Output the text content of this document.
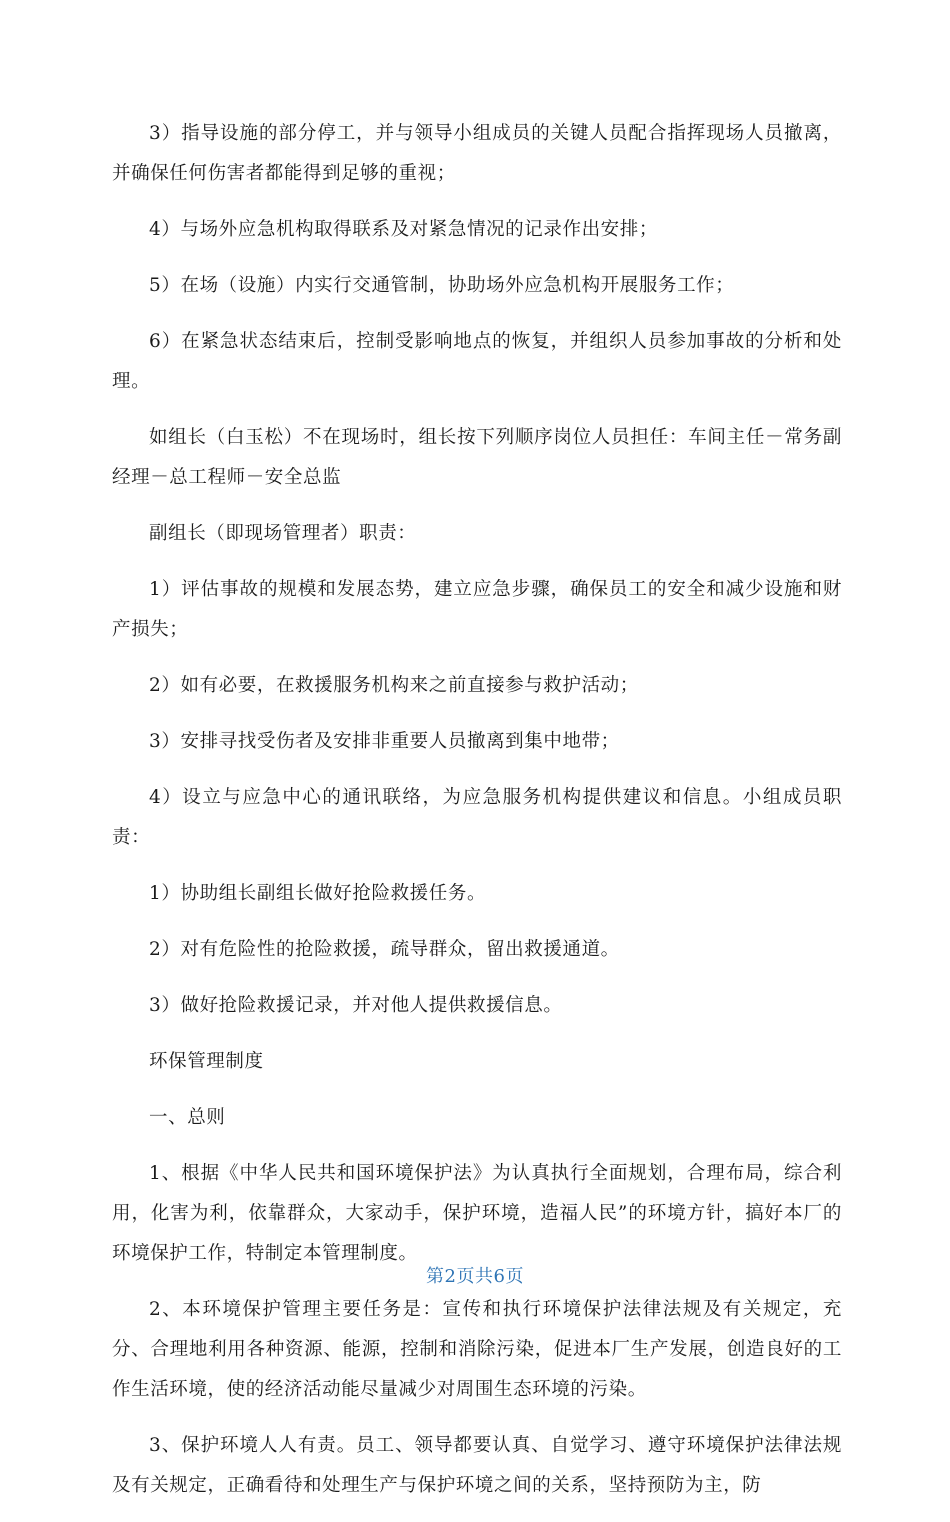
3）指导设施的部分停工，并与领导小组成员的关键人员配合指挥现场人员撤离，并确保任何伤害者都能得到足够的重视；

4）与场外应急机构取得联系及对紧急情况的记录作出安排；

5）在场（设施）内实行交通管制，协助场外应急机构开展服务工作；

6）在紧急状态结束后，控制受影响地点的恢复，并组织人员参加事故的分析和处理。

如组长（白玉松）不在现场时，组长按下列顺序岗位人员担任：车间主任－常务副经理－总工程师－安全总监

副组长（即现场管理者）职责：

1）评估事故的规模和发展态势，建立应急步骤，确保员工的安全和减少设施和财产损失；

2）如有必要，在救援服务机构来之前直接参与救护活动；

3）安排寻找受伤者及安排非重要人员撤离到集中地带；

4）设立与应急中心的通讯联络，为应急服务机构提供建议和信息。小组成员职责：

1）协助组长副组长做好抢险救援任务。

2）对有危险性的抢险救援，疏导群众，留出救援通道。

3）做好抢险救援记录，并对他人提供救援信息。

环保管理制度

一、总则

1、根据《中华人民共和国环境保护法》为认真执行全面规划，合理布局，综合利用，化害为利，依靠群众，大家动手，保护环境，造福人民”的环境方针，搞好本厂的环境保护工作，特制定本管理制度。

2、本环境保护管理主要任务是：宣传和执行环境保护法律法规及有关规定，充分、合理地利用各种资源、能源，控制和消除污染，促进本厂生产发展，创造良好的工作生活环境，使的经济活动能尽量减少对周围生态环境的污染。

3、保护环境人人有责。员工、领导都要认真、自觉学习、遵守环境保护法律法规及有关规定，正确看待和处理生产与保护环境之间的关系，坚持预防为主，防

第2页共6页
